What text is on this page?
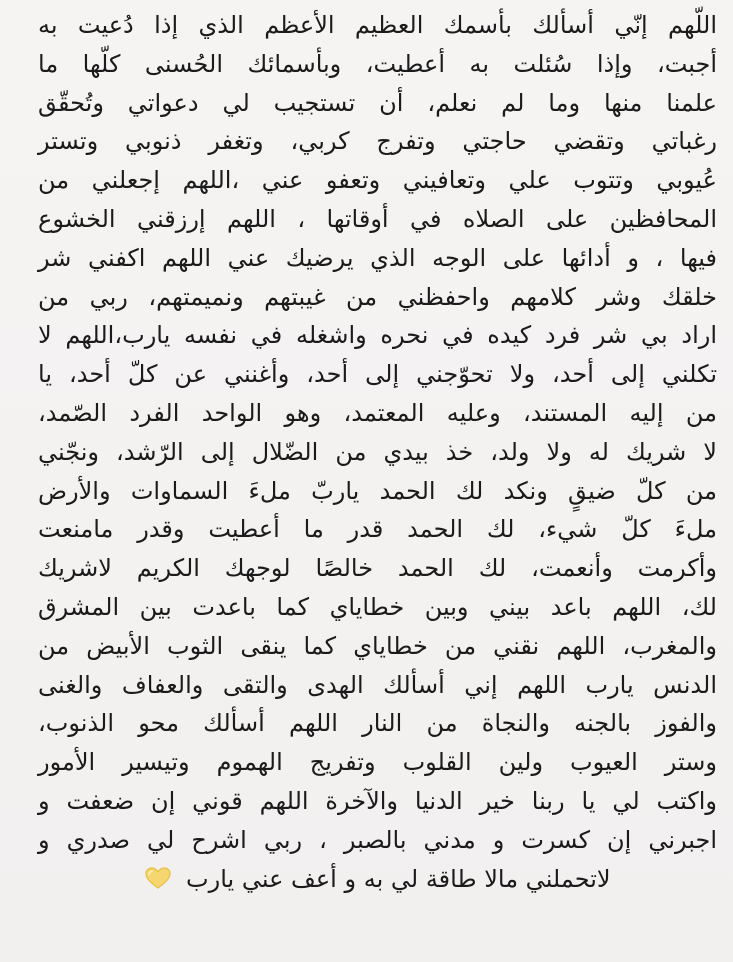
اللّهم إنّي أسألك بأسمك العظيم الأعظم الذي إذا دُعيت به
أجبت، وإذا سُئلت به أعطيت، وبأسمائك الحُسنى كلّها ما
علمنا منها وما لم نعلم، أن تستجيب لي دعواتي وتُحقّق
رغباتي وتقضي حاجتي وتفرج كربي، وتغفر ذنوبي وتستر
عُيوبي وتتوب علي وتعافيني وتعفو عني ،اللهم إجعلني من
المحافظين على الصلاه في أوقاتها ، اللهم إرزقني الخشوع
فيها ، و أدائها على الوجه الذي يرضيك عني اللهم اكفني شر
خلقك وشر كلامهم واحفظني من غيبتهم ونميمتهم، ربي من
اراد بي شر فرد كيده في نحره واشغله في نفسه يارب،اللهم لا
تكلني إلى أحد، ولا تحوّجني إلى أحد، وأغنني عن كلّ أحد، يا
من إليه المستند، وعليه المعتمد، وهو الواحد الفرد الصّمد،
لا شريك له ولا ولد، خذ بيدي من الضّلال إلى الرّشد، ونجّني
من كلّ ضيقٍ ونكد لك الحمد ياربّ ملءَ السماوات والأرض
ملءَ كلّ شيء، لك الحمد قدر ما أعطيت وقدر مامنعت
وأكرمت وأنعمت، لك الحمد خالصًا لوجهك الكريم لاشريك
لك، اللهم باعد بيني وبين خطاياي كما باعدت بين المشرق
والمغرب، اللهم نقني من خطاياي كما ينقى الثوب الأبيض من
الدنس يارب اللهم إني أسألك الهدى والتقى والعفاف والغنى
والفوز بالجنه والنجاة من النار اللهم أسألك محو الذنوب،
وستر العيوب ولين القلوب وتفريج الهموم وتيسير الأمور
واكتب لي يا ربنا خير الدنيا والآخرة اللهم قوني إن ضعفت و
اجبرني إن كسرت و مدني بالصبر ، ربي اشرح لي صدري و
لاتحملني مالا طاقة لي به و أعف عني يارب
